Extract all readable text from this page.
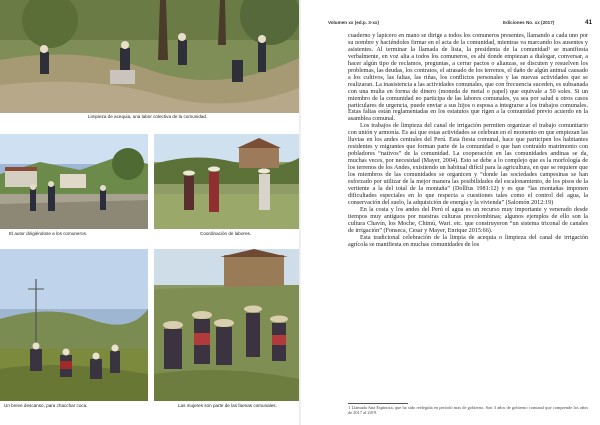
Limpieza de acequia, una labor colectiva de la comunidad.
El autor dirigiéndose a los comuneros.	Coordinación de labores.
Un breve descanso, para chacchar coca.	Las mujeres son parte de las faenas comunales.
Volumen xx (ed.p. 3-xx)	Ediciones No. xx (2017)	41

cuaderno y lapicero en mano se dirige a todos los comuneros presentes, llamando a cada uno por su nombre y haciéndoles firmar en el acta de la comunidad, mientras va marcando los ausentes y asistentes. Al terminar la llamada de lista, la presidenta de la comunidad¹ se manifiesta verbalmente, en voz alta a todos los comuneros, es ahí donde empiezan a dialogar, conversar, a hacer algún tipo de reclamos, preguntas, a cerrar pactos o alianzas, se discuten y resuelven los problemas, las deudas, los contratos, el atrasado de los terrenos, el daño de algún animal causado a los cultivos, las faltas, las riñas, los conflictos personales y las nuevas actividades que se realizaran. La inasistencia a las actividades comunales, que con frecuencia suceden, es subsanada con una multa en forma de dinero (moneda de metal o papel) que equivale a 50 soles. Si un miembro de la comunidad no participa de las labores comunales, ya sea por salud u otros casos particulares de urgencia, puede enviar a sus hijos o esposa a integrarse a los trabajos comunales. Estas faltas están reglamentadas en los estatutos que rigen a la comunidad previo acuerdo en la asamblea comunal.

Los trabajos de limpieza del canal de irrigación permiten organizar el trabajo comunitario con unión y armonía. Es así que estas actividades se celebran en el momento en que empiezan las lluvias en los andes centrales del Perú. Esta fiesta comunal, hace que participen los habitantes residentes y migrantes que forman parte de la comunidad o que han contraído matrimonio con pobladores “nativos” de la comunidad. La cooperación en las comunidades andinas se da, muchas veces, por necesidad (Mayer, 2004). Esto se debe a lo complejo que es la morfología de los terrenos de los Andes, existiendo un habitual difícil para la agricultura, en que se requiere que los miembros de las comunidades se organicen y “donde las sociedades campesinas se han esforzado por utilizar de la mejor manera las posibilidades del escalonamiento, de los pisos de la vertiente a la del total de la montaña” (Dollfus 1981:12) y es que “las montañas imponen dificultades especiales en lo que respecta a cuestiones tales como el control del agua, la conservación del suelo, la adquisición de energía y la vivienda” (Salomón 2012:19)

En la costa y los andes del Perú el agua es un recurso muy importante y venerado desde tiempos muy antiguos por nuestras culturas precolombinas; algunos ejemplos de ello son la cultura Chavín, los Moche, Chimú, Wari. etc. que construyeron “un sistema triconal de canales de irrigación” (Fonseca, Cesar y Mayer, Enrique 2015:66).

Esta tradicional celebración de la limpia de acequia o limpieza del canal de irrigación agrícola se manifiesta en muchas comunidades de los

1 Llamada Ana Espinoza, que ha sido reelegida en periodo mas de gobierno. Son 3 años de gobierno comunal que comprende los años de 2017 al 2019.
